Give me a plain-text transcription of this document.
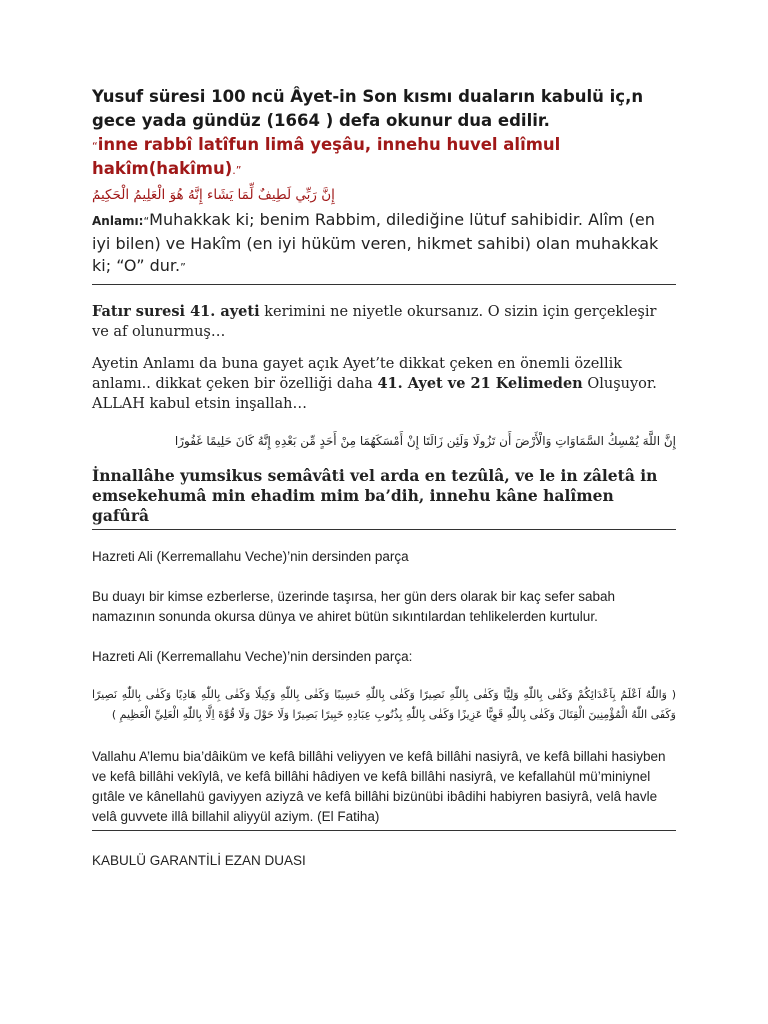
Yusuf süresi 100 ncü Âyet-in Son kısmı duaların kabulü iç,n gece yada gündüz (1664 ) defa okunur dua edilir.
“inne rabbî latîfun limâ yeşâu, innehu huvel alîmul hakîm(hakîmu).”
إِنَّ رَبِّي لَطِيفٌ لِّمَا يَشَاء إِنَّهُ هُوَ الْعَلِيمُ الْحَكِيمُ
Anlamı:“Muhakkak ki; benim Rabbim, dilediğine lütuf sahibidir. Alîm (en iyi bilen) ve Hakîm (en iyi hüküm veren, hikmet sahibi) olan muhakkak ki; “O” dur.”
Fatır suresi 41. ayeti kerimini ne niyetle okursanız. O sizin için gerçekleşir ve af olunurmuş…
Ayetin Anlamı da buna gayet açık Ayet’te dikkat çeken en önemli özellik anlamı.. dikkat çeken bir özelliği daha 41. Ayet ve 21 Kelimeden Oluşuyor. ALLAH kabul etsin inşallah…
إِنَّ اللَّهَ يُمْسِكُ السَّمَاوَاتِ وَالْأَرْضَ أَن تَزُولَا وَلَئِن زَالَتَا إِنْ أَمْسَكَهُمَا مِنْ أَحَدٍ مِّن بَعْدِهِ إِنَّهُ كَانَ حَلِيمًا غَفُورًا
İnnallâhe yumsikus semâvâti vel arda en tezûlâ, ve le in zâletâ in emsekehumâ min ehadim mim ba’dih, innehu kâne halîmen gafûrâ
Hazreti Ali (Kerremallahu Veche)’nin dersinden parça
Bu duayı bir kimse ezberlerse, üzerinde taşırsa, her gün ders olarak bir kaç sefer sabah namazının sonunda okursa dünya ve ahiret bütün sıkıntılardan tehlikelerden kurtulur.
Hazreti Ali (Kerremallahu Veche)’nin dersinden parça:
( وَاللّٰهُ اَعْلَمُ بِاَعْدَائِكُمْ وَكَفٰى بِاللّٰهِ وَلِيًّا وَكَفٰى بِاللّٰهِ نَصِيرًا وَكَفٰى بِاللّٰهِ حَسِيبًا وَكَفٰى بِاللّٰهِ وَكِيلًا وَكَفٰى بِاللّٰهِ هَادِيًا وَكَفٰى بِاللّٰهِ نَصِيرًا وَكَفَى اللّٰهُ الْمُؤْمِنِينَ الْقِتَالَ وَكَفٰى بِاللّٰهِ قَوِيًّا عَزِيزًا وَكَفٰى بِاللّٰهِ بِذُنُوبِ عِبَادِهِ خَبِيرًا بَصِيرًا وَلَا حَوْلَ وَلَا قُوَّةَ اِلَّا بِاللّٰهِ الْعَلِيِّ الْعَظِيمِ )
Vallahu A’lemu bia’dâiküm ve kefâ billâhi veliyyen ve kefâ billâhi nasiyrâ, ve kefâ billahi hasiyben ve kefâ billâhi vekîylâ, ve kefâ billâhi hâdiyen ve kefâ billâhi nasiyrâ, ve kefallahül mü’miniynel gıtâle ve kânellahü gaviyyen aziyzâ ve kefâ billâhi bizünübi ibâdihi habiyren basiyrâ, velâ havle velâ guvvete illâ billahil aliyyül aziym. (El Fatiha)
KABULÜ GARANTİLİ EZAN DUASI
